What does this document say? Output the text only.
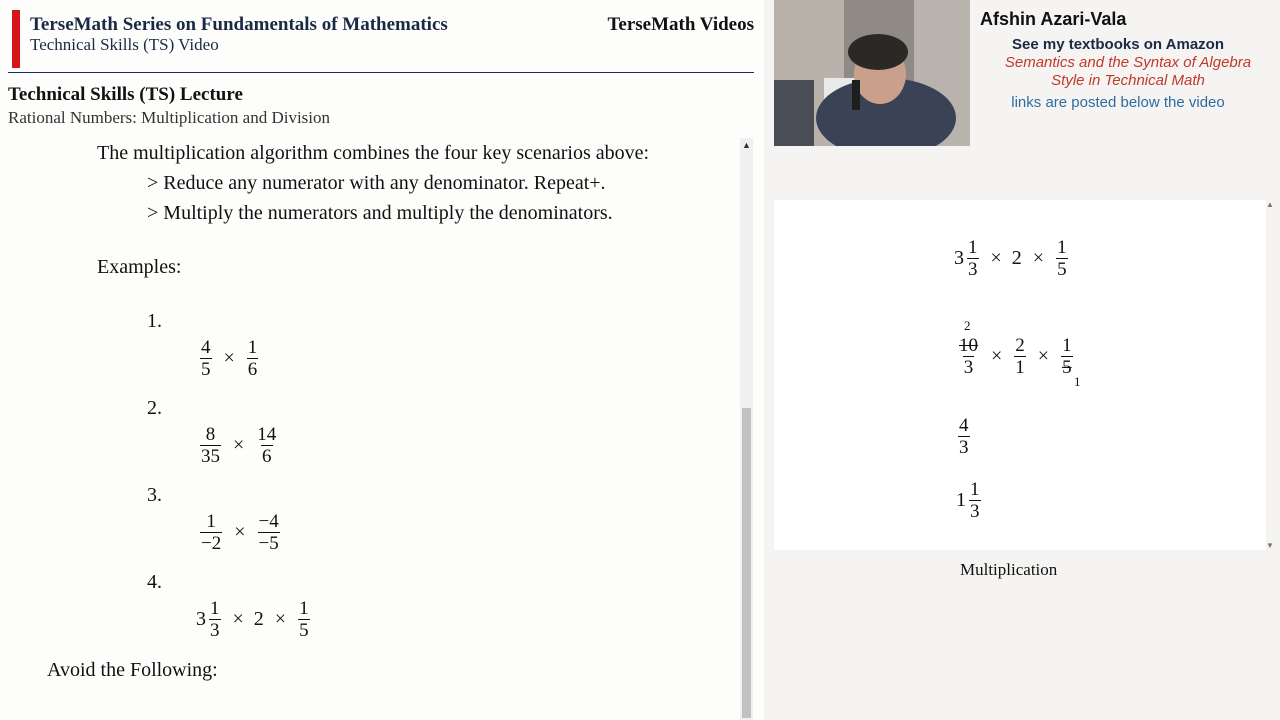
TerseMath Series on Fundamentals of Mathematics
Technical Skills (TS) Video
TerseMath Videos
Technical Skills (TS) Lecture
Rational Numbers: Multiplication and Division
The multiplication algorithm combines the four key scenarios above:
> Reduce any numerator with any denominator. Repeat+.
> Multiply the numerators and multiply the denominators.
Examples:
1.
$\frac{4}{5} \times \frac{1}{6}$
2.
$\frac{8}{35} \times \frac{14}{6}$
3.
$\frac{1}{-2} \times \frac{-4}{-5}$
4.
$3 \frac{1}{3} \times 2 \times \frac{1}{5}$
Avoid the Following:
▲
Afshin Azari-Vala
See my textbooks on Amazon
Semantics and the Syntax of Algebra
Style in Technical Math
links are posted below the video
$3 \frac{1}{3} \times 2 \times \frac{1}{5}$
2
$\frac{10}{3} \times \frac{2}{1} \times \frac{1}{5}$
1
$\frac{4}{3}$
$1 \frac{1}{3}$
▲
▼
Multiplication
